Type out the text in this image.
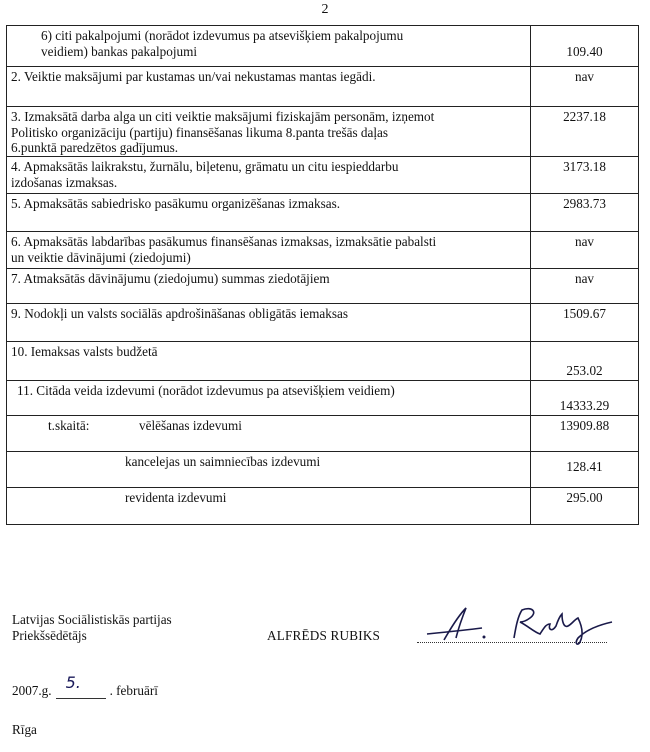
2
6) citi pakalpojumi (norādot izdevumus pa atsevišķiem pakalpojumu
veidiem) bankas pakalpojumi	109.40

2. Veiktie maksājumi par kustamas un/vai nekustamas mantas iegādi.	nav

3. Izmaksātā darba alga un citi veiktie maksājumi fiziskajām personām, izņemot
Politisko organizāciju (partiju) finansēšanas likuma 8.panta trešās daļas
6.punktā paredzētos gadījumus.	2237.18

4. Apmaksātās laikrakstu, žurnālu, biļetenu, grāmatu un citu iespieddarbu
izdošanas izmaksas.	3173.18

5. Apmaksātās sabiedrisko pasākumu organizēšanas izmaksas.	2983.73

6. Apmaksātās labdarības pasākumus finansēšanas izmaksas, izmaksātie pabalsti
un veiktie dāvinājumi (ziedojumi)	nav

7. Atmaksātās dāvinājumu (ziedojumu) summas ziedotājiem	nav

9. Nodokļi un valsts sociālās apdrošināšanas obligātās iemaksas	1509.67

10. Iemaksas valsts budžetā	253.02

11. Citāda veida izdevumi (norādot izdevumus pa atsevišķiem veidiem)	14333.29

t.skaitā: vēlēšanas izdevumi	13909.88

kancelejas un saimniecības izdevumi	128.41

revidenta izdevumi	295.00
Latvijas Sociālistiskās partijas
Priekšsēdētājs	ALFRĒDS RUBIKS
2007.g. 5. . februārī
Rīga
